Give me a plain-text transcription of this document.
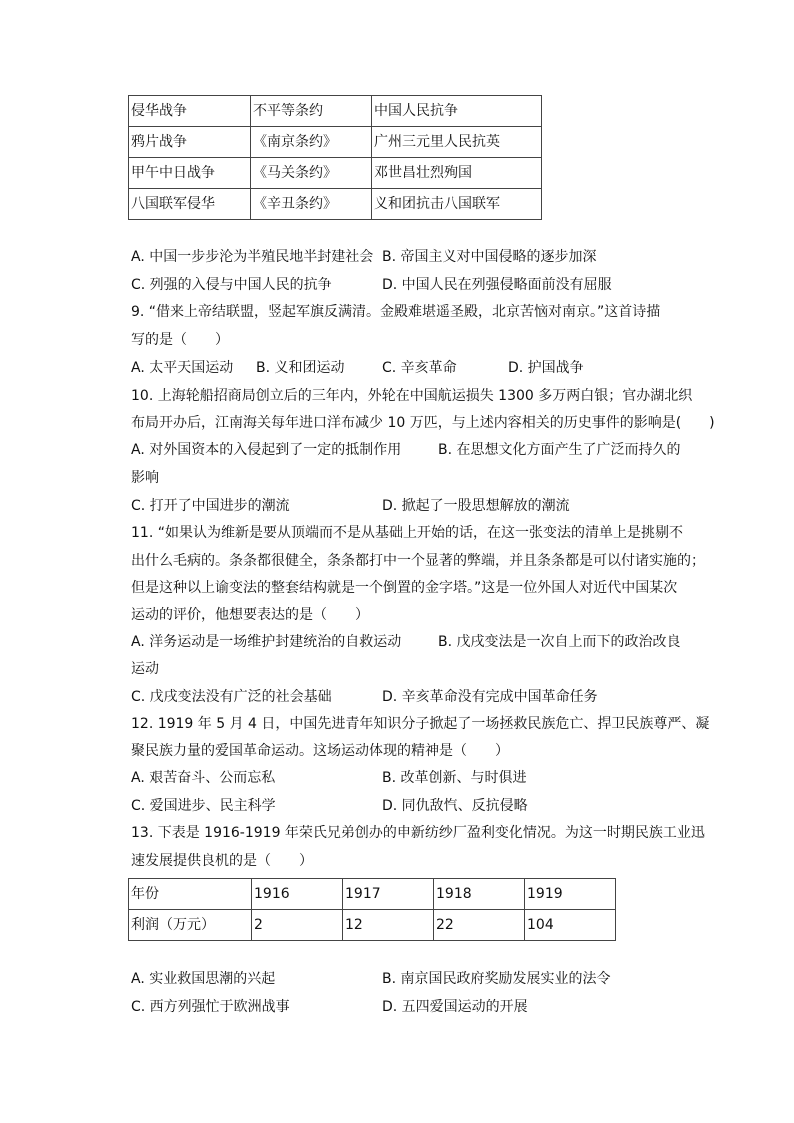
侵华战争	不平等条约	中国人民抗争
鸦片战争	《南京条约》	广州三元里人民抗英
甲午中日战争	《马关条约》	邓世昌壮烈殉国
八国联军侵华	《辛丑条约》	义和团抗击八国联军
A. 中国一步步沦为半殖民地半封建社会 B. 帝国主义对中国侵略的逐步加深
C. 列强的入侵与中国人民的抗争	D. 中国人民在列强侵略面前没有屈服
9. “借来上帝结联盟，竖起军旗反满清。金殿难堪遥圣殿，北京苦恼对南京。”这首诗描
写的是（　　）
A. 太平天国运动 B. 义和团运动	C. 辛亥革命	D. 护国战争
10. 上海轮船招商局创立后的三年内，外轮在中国航运损失 1300 多万两白银；官办湖北织
布局开办后，江南海关每年进口洋布减少 10 万匹，与上述内容相关的历史事件的影响是(　　)
A. 对外国资本的入侵起到了一定的抵制作用	B. 在思想文化方面产生了广泛而持久的
影响
C. 打开了中国进步的潮流	D. 掀起了一股思想解放的潮流
11. “如果认为维新是要从顶端而不是从基础上开始的话，在这一张变法的清单上是挑剔不
出什么毛病的。条条都很健全，条条都打中一个显著的弊端，并且条条都是可以付诸实施的；
但是这种以上谕变法的整套结构就是一个倒置的金字塔。”这是一位外国人对近代中国某次
运动的评价，他想要表达的是（　　）
A. 洋务运动是一场维护封建统治的自救运动	B. 戊戌变法是一次自上而下的政治改良
运动
C. 戊戌变法没有广泛的社会基础	D. 辛亥革命没有完成中国革命任务
12. 1919 年 5 月 4 日，中国先进青年知识分子掀起了一场拯救民族危亡、捍卫民族尊严、凝
聚民族力量的爱国革命运动。这场运动体现的精神是（　　）
A. 艰苦奋斗、公而忘私	B. 改革创新、与时俱进
C. 爱国进步、民主科学	D. 同仇敌忾、反抗侵略
13. 下表是 1916-1919 年荣氏兄弟创办的申新纺纱厂盈利变化情况。为这一时期民族工业迅
速发展提供良机的是（　　）
年份	1916	1917	1918	1919
利润（万元）	2	12	22	104
A. 实业救国思潮的兴起	B. 南京国民政府奖励发展实业的法令
C. 西方列强忙于欧洲战事	D. 五四爱国运动的开展
